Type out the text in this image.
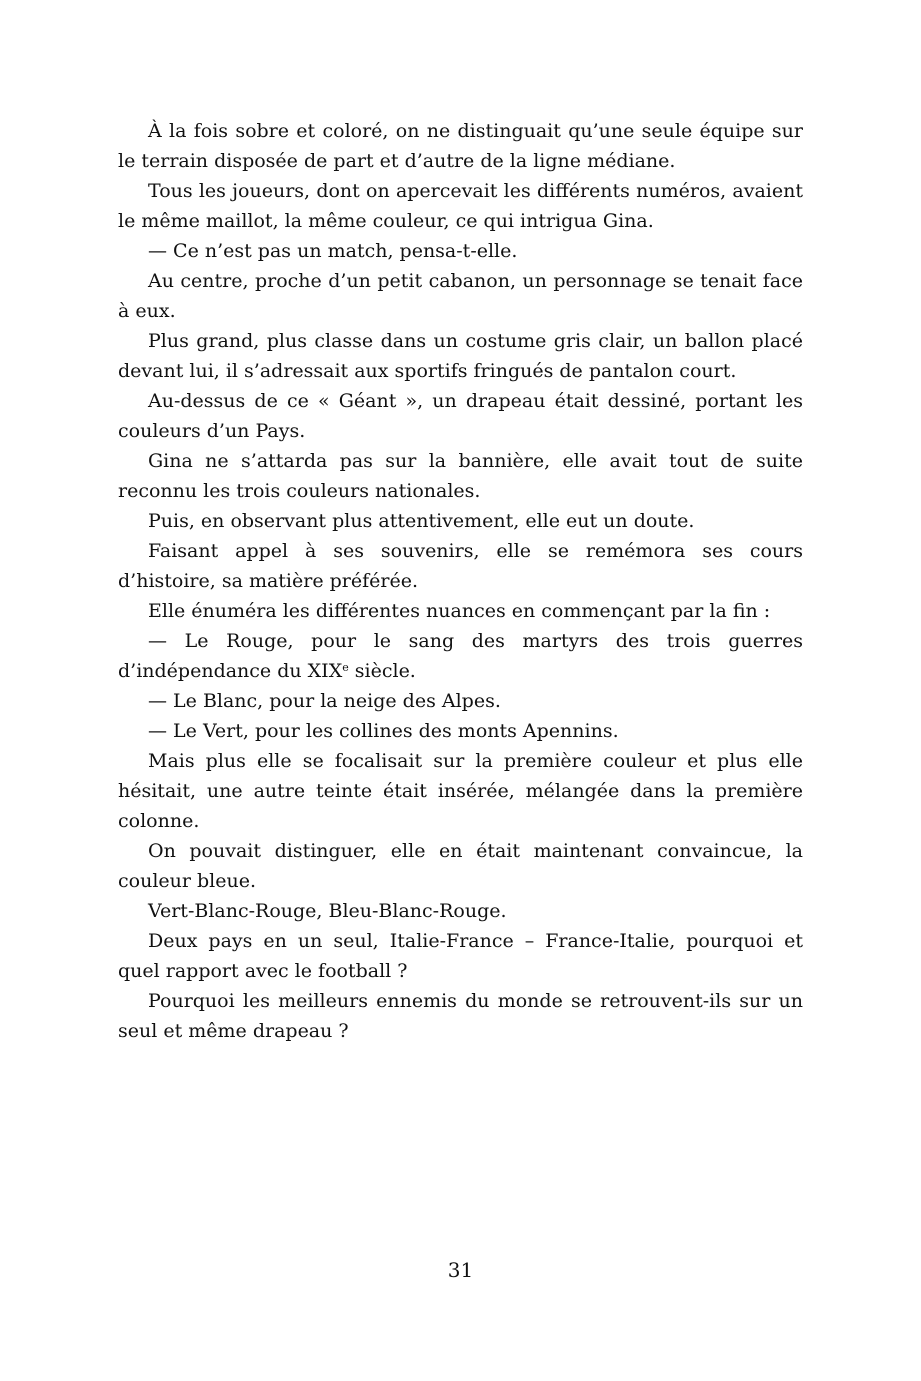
À la fois sobre et coloré, on ne distinguait qu’une seule équipe sur le terrain disposée de part et d’autre de la ligne médiane.

Tous les joueurs, dont on apercevait les différents numéros, avaient le même maillot, la même couleur, ce qui intrigua Gina.

— Ce n’est pas un match, pensa-t-elle.

Au centre, proche d’un petit cabanon, un personnage se tenait face à eux.

Plus grand, plus classe dans un costume gris clair, un ballon placé devant lui, il s’adressait aux sportifs fringués de pantalon court.

Au-dessus de ce « Géant », un drapeau était dessiné, portant les couleurs d’un Pays.

Gina ne s’attarda pas sur la bannière, elle avait tout de suite reconnu les trois couleurs nationales.

Puis, en observant plus attentivement, elle eut un doute.

Faisant appel à ses souvenirs, elle se remémora ses cours d’histoire, sa matière préférée.

Elle énuméra les différentes nuances en commençant par la fin :

— Le Rouge, pour le sang des martyrs des trois guerres d’indépendance du XIXe siècle.

— Le Blanc, pour la neige des Alpes.

— Le Vert, pour les collines des monts Apennins.

Mais plus elle se focalisait sur la première couleur et plus elle hésitait, une autre teinte était insérée, mélangée dans la première colonne.

On pouvait distinguer, elle en était maintenant convaincue, la couleur bleue.

Vert-Blanc-Rouge, Bleu-Blanc-Rouge.

Deux pays en un seul, Italie-France – France-Italie, pourquoi et quel rapport avec le football ?

Pourquoi les meilleurs ennemis du monde se retrouvent-ils sur un seul et même drapeau ?

31
